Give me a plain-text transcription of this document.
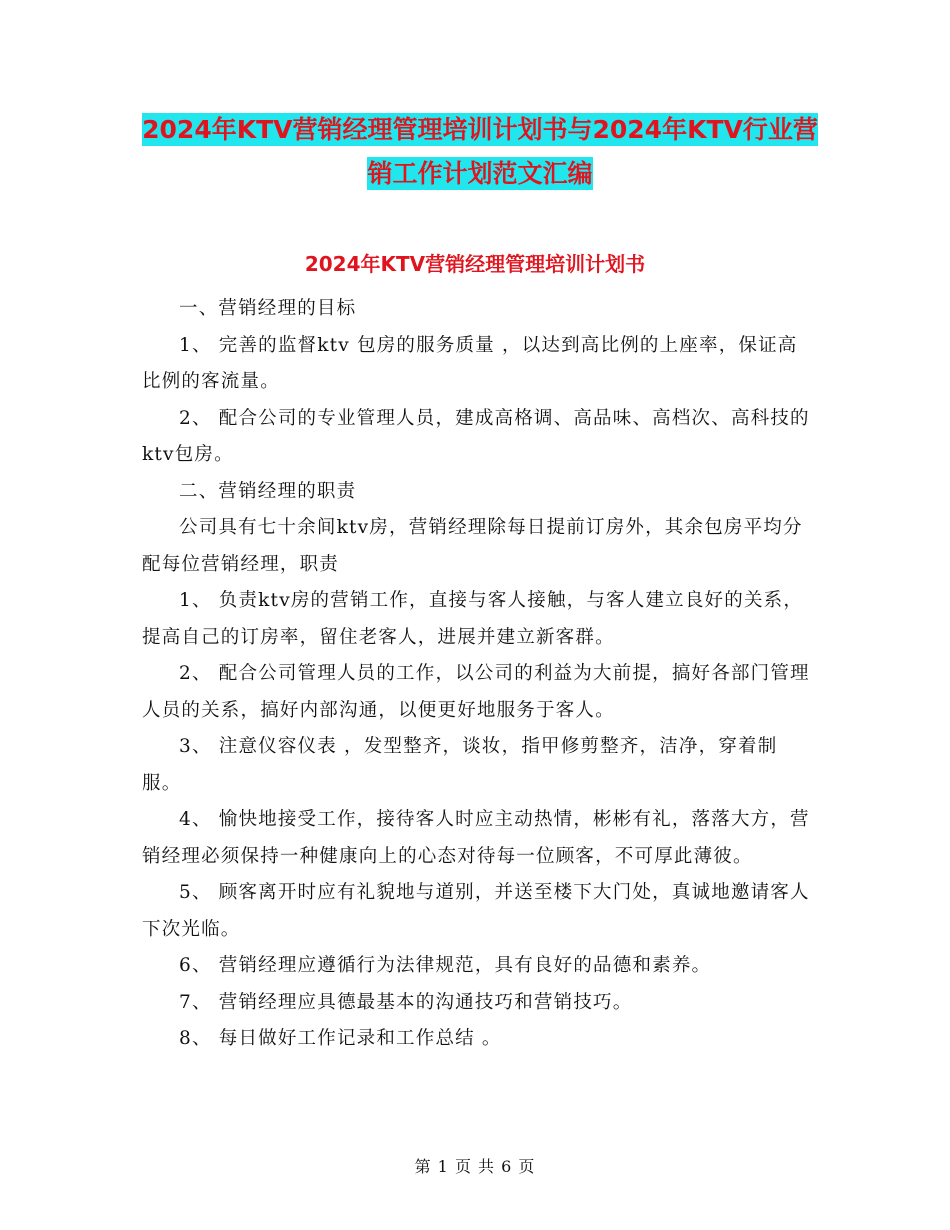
2024年KTV营销经理管理培训计划书与2024年KTV行业营销工作计划范文汇编
2024年KTV营销经理管理培训计划书

一、营销经理的目标

1、 完善的监督ktv 包房的服务质量 ，以达到高比例的上座率，保证高比例的客流量。

2、 配合公司的专业管理人员，建成高格调、高品味、高档次、高科技的ktv包房。

二、营销经理的职责

公司具有七十余间ktv房，营销经理除每日提前订房外，其余包房平均分配每位营销经理，职责

1、 负责ktv房的营销工作，直接与客人接触，与客人建立良好的关系，提高自己的订房率，留住老客人，进展并建立新客群。

2、 配合公司管理人员的工作，以公司的利益为大前提，搞好各部门管理人员的关系，搞好内部沟通，以便更好地服务于客人。

3、 注意仪容仪表 ，发型整齐，谈妆，指甲修剪整齐，洁净，穿着制服。

4、 愉快地接受工作，接待客人时应主动热情，彬彬有礼，落落大方，营销经理必须保持一种健康向上的心态对待每一位顾客，不可厚此薄彼。

5、 顾客离开时应有礼貌地与道别，并送至楼下大门处，真诚地邀请客人下次光临。

6、 营销经理应遵循行为法律规范，具有良好的品德和素养。

7、 营销经理应具德最基本的沟通技巧和营销技巧。

8、 每日做好工作记录和工作总结 。

第 1 页 共 6 页
